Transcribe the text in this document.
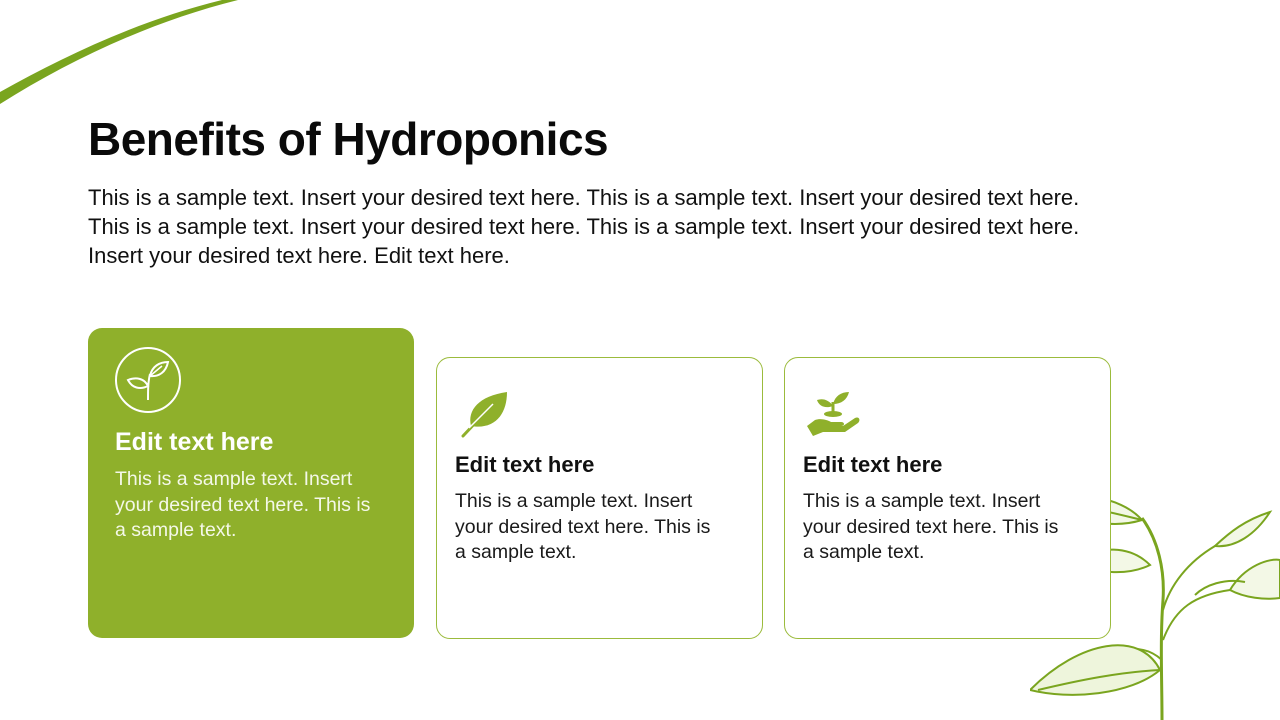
Benefits of Hydroponics
This is a sample text. Insert your desired text here. This is a sample text. Insert your desired text here. This is a sample text. Insert your desired text here. This is a sample text. Insert your desired text here. Insert your desired text here. Edit text here.
Edit text here
This is a sample text. Insert your desired text here. This is a sample text.
Edit text here
This is a sample text. Insert your desired text here. This is a sample text.
Edit text here
This is a sample text. Insert your desired text here. This is a sample text.
